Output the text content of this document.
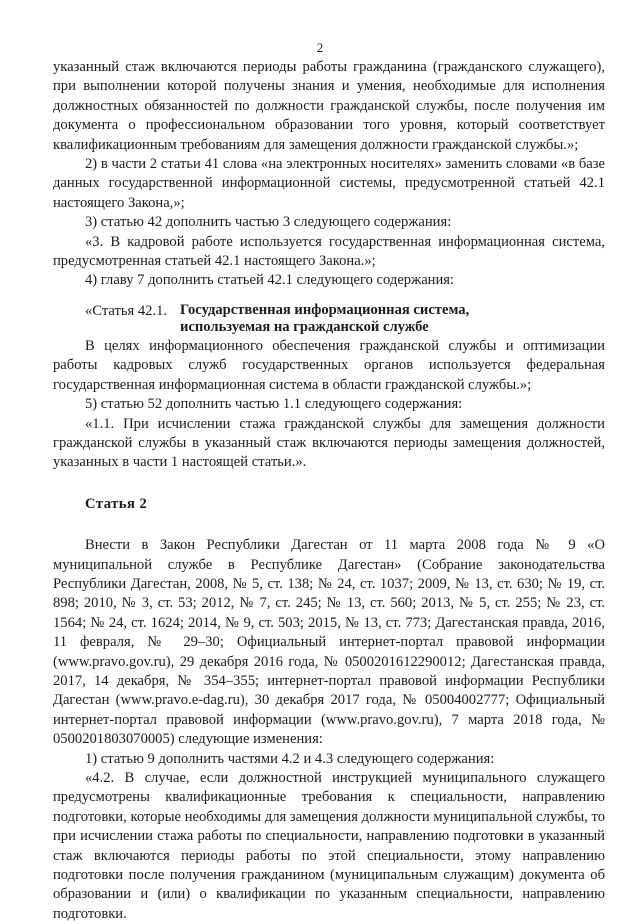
2

указанный стаж включаются периоды работы гражданина (гражданского служащего), при выполнении которой получены знания и умения, необходимые для исполнения должностных обязанностей по должности гражданской службы, после получения им документа о профессиональном образовании того уровня, который соответствует квалификационным требованиям для замещения должности гражданской службы.»;

2) в части 2 статьи 41 слова «на электронных носителях» заменить словами «в базе данных государственной информационной системы, предусмотренной статьей 42.1 настоящего Закона,»;

3) статью 42 дополнить частью 3 следующего содержания:

«3. В кадровой работе используется государственная информационная система, предусмотренная статьей 42.1 настоящего Закона.»;

4) главу 7 дополнить статьей 42.1 следующего содержания:

«Статья 42.1. Государственная информационная система,
используемая на гражданской службе

В целях информационного обеспечения гражданской службы и оптимизации работы кадровых служб государственных органов используется федеральная государственная информационная система в области гражданской службы.»;

5) статью 52 дополнить частью 1.1 следующего содержания:

«1.1. При исчислении стажа гражданской службы для замещения должности гражданской службы в указанный стаж включаются периоды замещения должностей, указанных в части 1 настоящей статьи.».

Статья 2

Внести в Закон Республики Дагестан от 11 марта 2008 года № 9 «О муниципальной службе в Республике Дагестан» (Собрание законодательства Республики Дагестан, 2008, № 5, ст. 138; № 24, ст. 1037; 2009, № 13, ст. 630; № 19, ст. 898; 2010, № 3, ст. 53; 2012, № 7, ст. 245; № 13, ст. 560; 2013, № 5, ст. 255; № 23, ст. 1564; № 24, ст. 1624; 2014, № 9, ст. 503; 2015, № 13, ст. 773; Дагестанская правда, 2016, 11 февраля, № 29–30; Официальный интернет-портал правовой информации (www.pravo.gov.ru), 29 декабря 2016 года, № 0500201612290012; Дагестанская правда, 2017, 14 декабря, № 354–355; интернет-портал правовой информации Республики Дагестан (www.pravo.e-dag.ru), 30 декабря 2017 года, № 05004002777; Официальный интернет-портал правовой информации (www.pravo.gov.ru), 7 марта 2018 года, № 0500201803070005) следующие изменения:

1) статью 9 дополнить частями 4.2 и 4.3 следующего содержания:

«4.2. В случае, если должностной инструкцией муниципального служащего предусмотрены квалификационные требования к специальности, направлению подготовки, которые необходимы для замещения должности муниципальной службы, то при исчислении стажа работы по специальности, направлению подготовки в указанный стаж включаются периоды работы по этой специальности, этому направлению подготовки после получения гражданином (муниципальным служащим) документа об образовании и (или) о квалификации по указанным специальности, направлению подготовки.
